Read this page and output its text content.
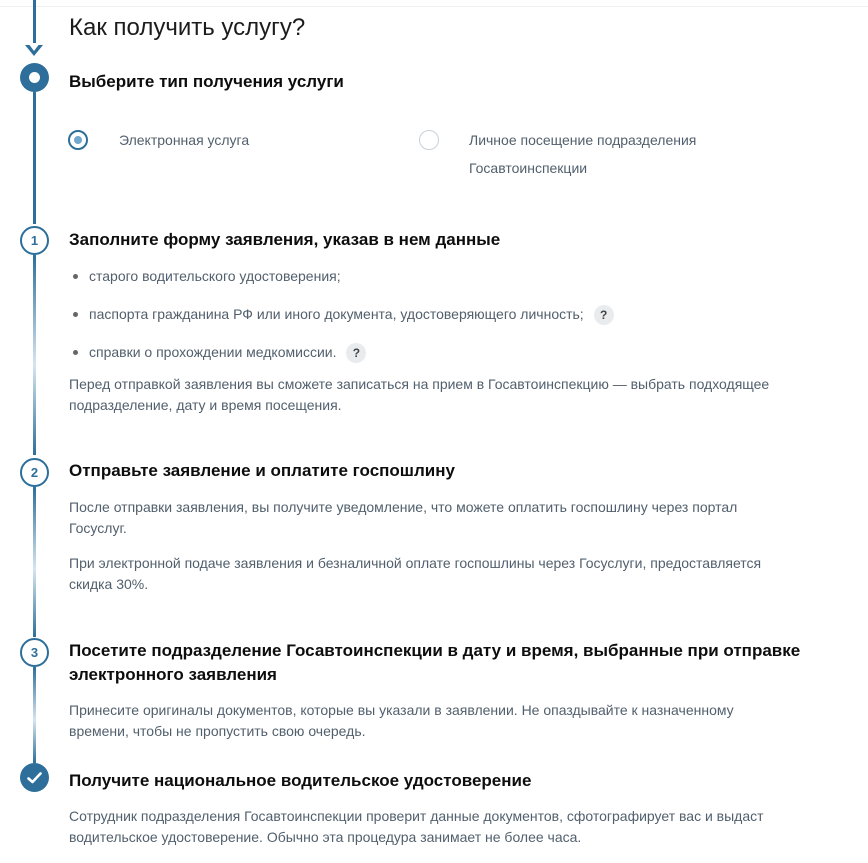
1
2
3
Как получить услугу?
Выберите тип получения услуги
Электронная услуга	Личное посещение подразделения
Госавтоинспекции
Заполните форму заявления, указав в нем данные
старого водительского удостоверения;
паспорта гражданина РФ или иного документа, удостоверяющего личность; ?
справки о прохождении медкомиссии. ?
Перед отправкой заявления вы сможете записаться на прием в Госавтоинспекцию — выбрать подходящее
подразделение, дату и время посещения.
Отправьте заявление и оплатите госпошлину
После отправки заявления, вы получите уведомление, что можете оплатить госпошлину через портал
Госуслуг.
При электронной подаче заявления и безналичной оплате госпошлины через Госуслуги, предоставляется
скидка 30%.
Посетите подразделение Госавтоинспекции в дату и время, выбранные при отправке
электронного заявления
Принесите оригиналы документов, которые вы указали в заявлении. Не опаздывайте к назначенному
времени, чтобы не пропустить свою очередь.
Получите национальное водительское удостоверение
Сотрудник подразделения Госавтоинспекции проверит данные документов, сфотографирует вас и выдаст
водительское удостоверение. Обычно эта процедура занимает не более часа.
